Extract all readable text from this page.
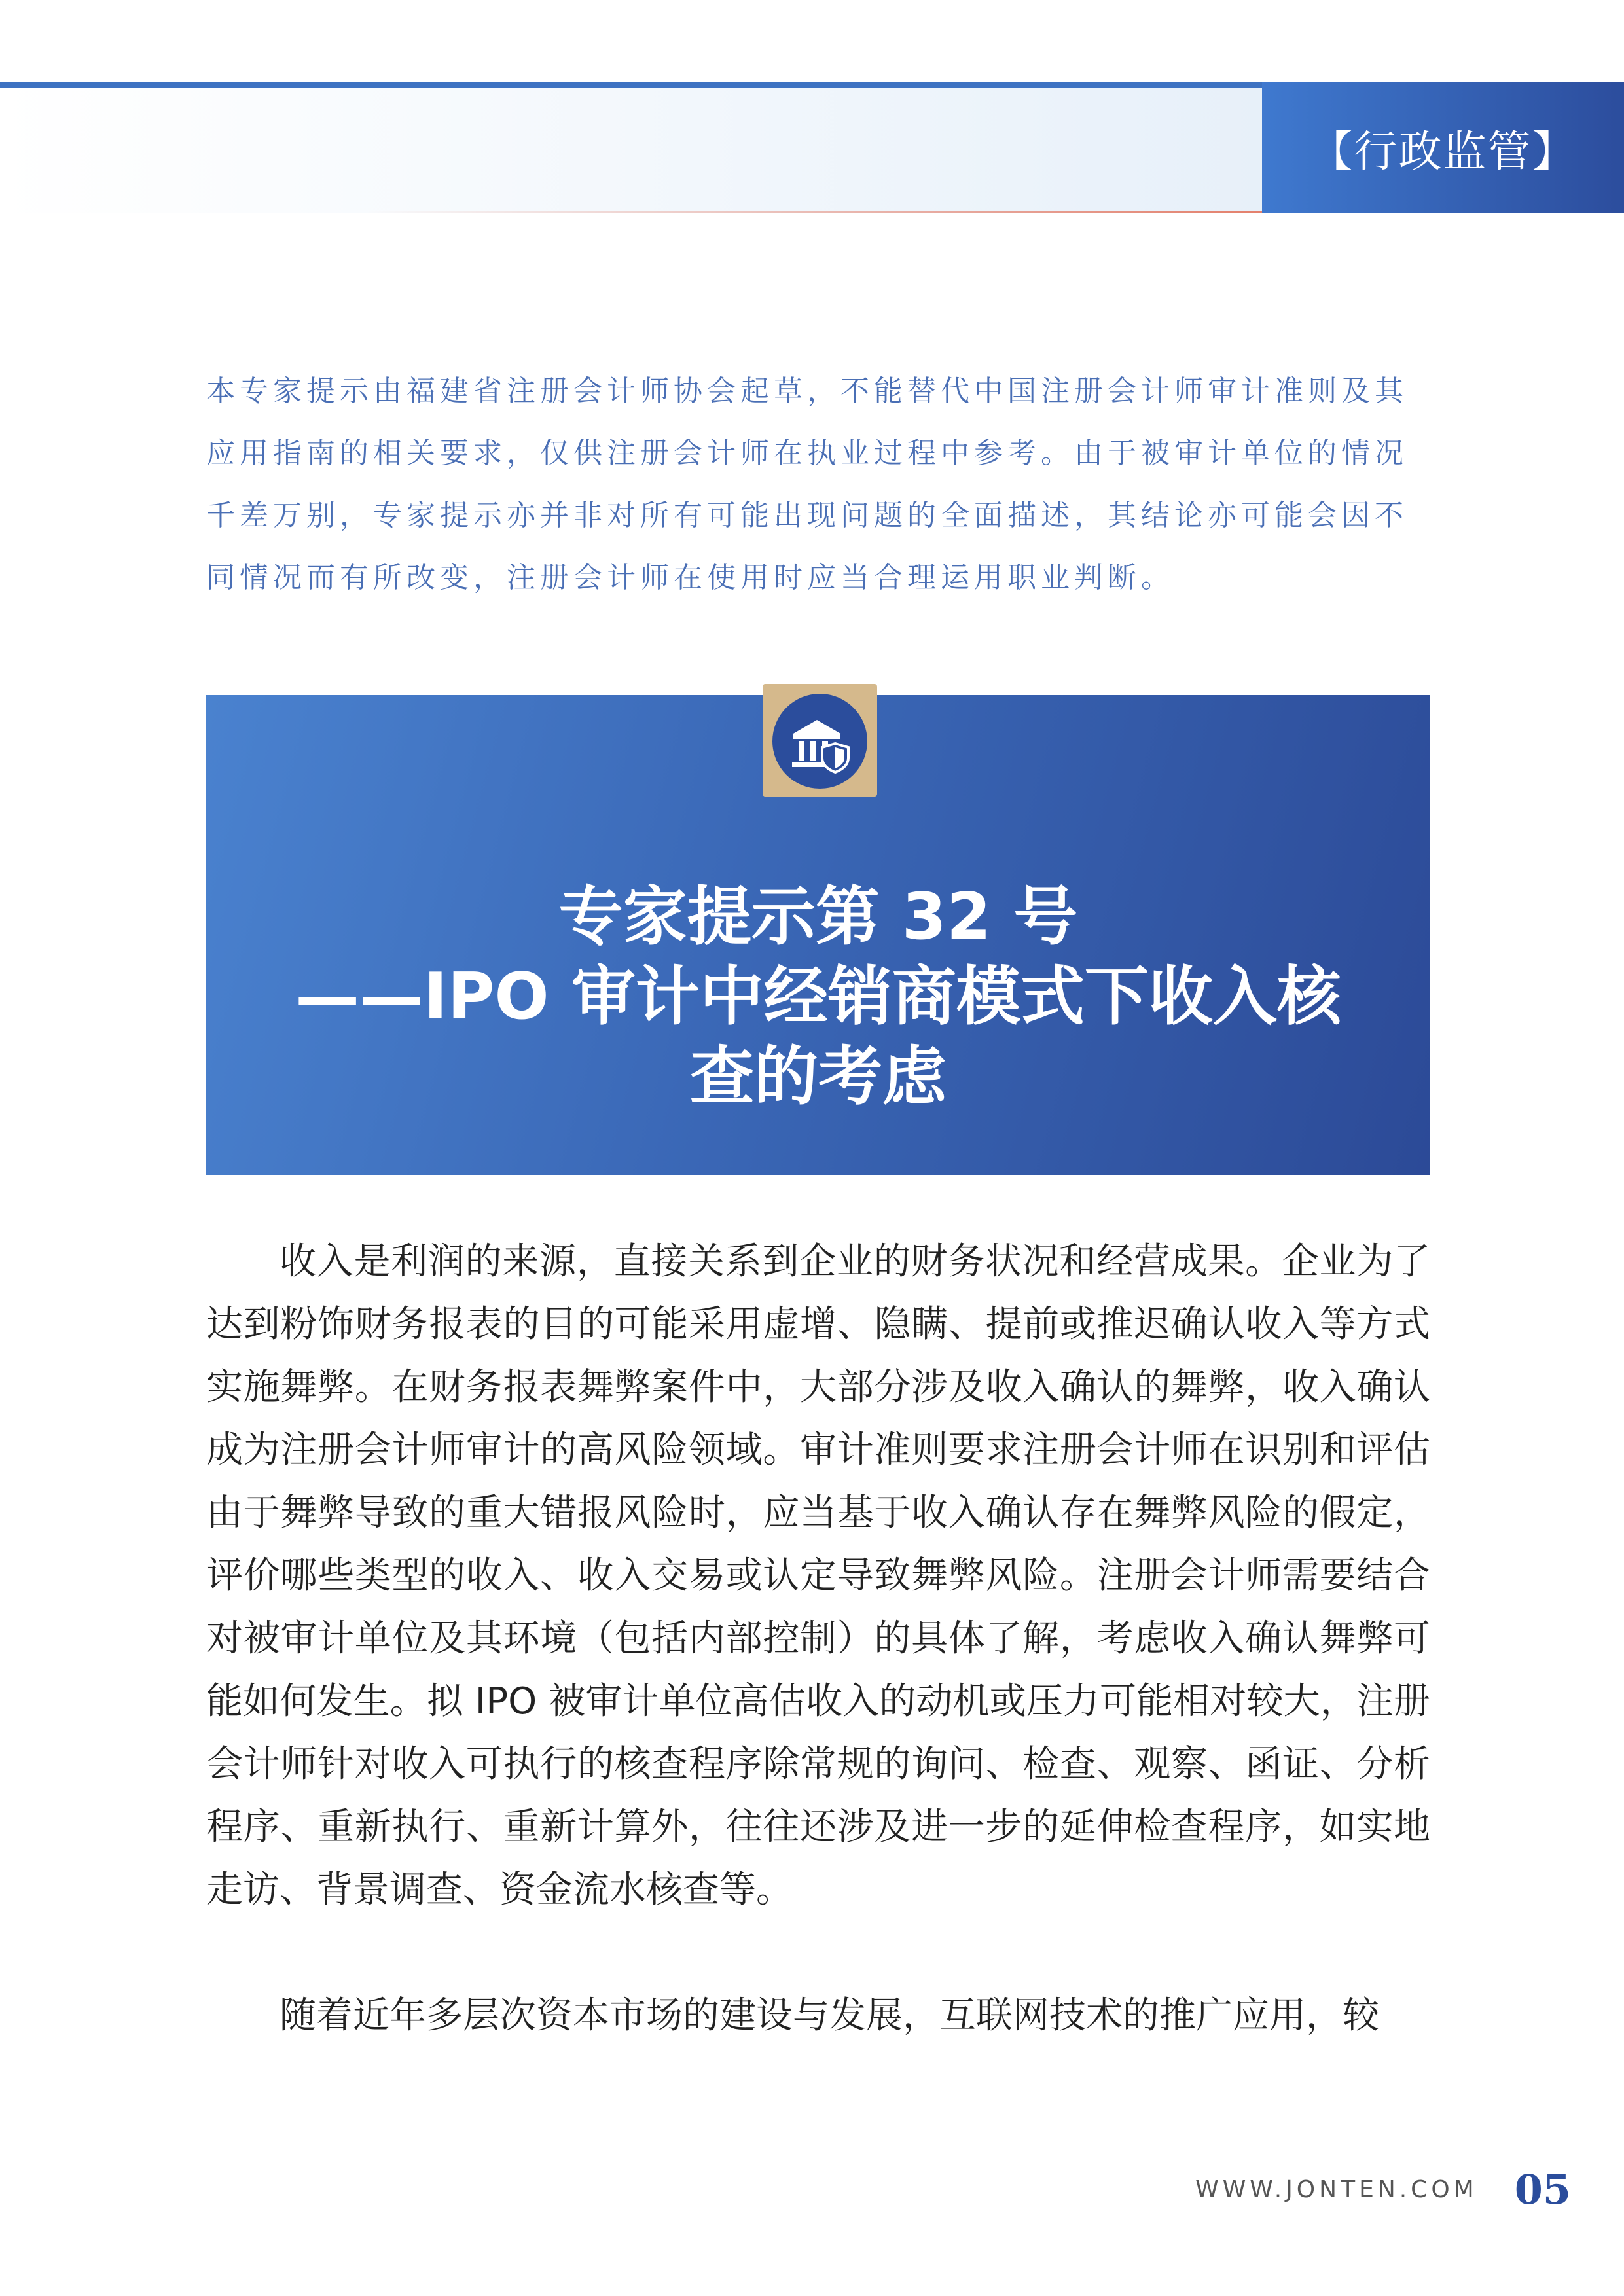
【行政监管】
本专家提示由福建省注册会计师协会起草，不能替代中国注册会计师审计准则及其应用指南的相关要求，仅供注册会计师在执业过程中参考。由于被审计单位的情况千差万别，专家提示亦并非对所有可能出现问题的全面描述，其结论亦可能会因不同情况而有所改变，注册会计师在使用时应当合理运用职业判断。
专家提示第 32 号
——IPO 审计中经销商模式下收入核
查的考虑

收入是利润的来源，直接关系到企业的财务状况和经营成果。企业为了达到粉饰财务报表的目的可能采用虚增、隐瞒、提前或推迟确认收入等方式实施舞弊。在财务报表舞弊案件中，大部分涉及收入确认的舞弊，收入确认成为注册会计师审计的高风险领域。审计准则要求注册会计师在识别和评估由于舞弊导致的重大错报风险时，应当基于收入确认存在舞弊风险的假定，评价哪些类型的收入、收入交易或认定导致舞弊风险。注册会计师需要结合对被审计单位及其环境（包括内部控制）的具体了解，考虑收入确认舞弊可能如何发生。拟 IPO 被审计单位高估收入的动机或压力可能相对较大，注册会计师针对收入可执行的核查程序除常规的询问、检查、观察、函证、分析程序、重新执行、重新计算外，往往还涉及进一步的延伸检查程序，如实地走访、背景调查、资金流水核查等。

随着近年多层次资本市场的建设与发展，互联网技术的推广应用，较

WWW.JONTEN.COM 05
